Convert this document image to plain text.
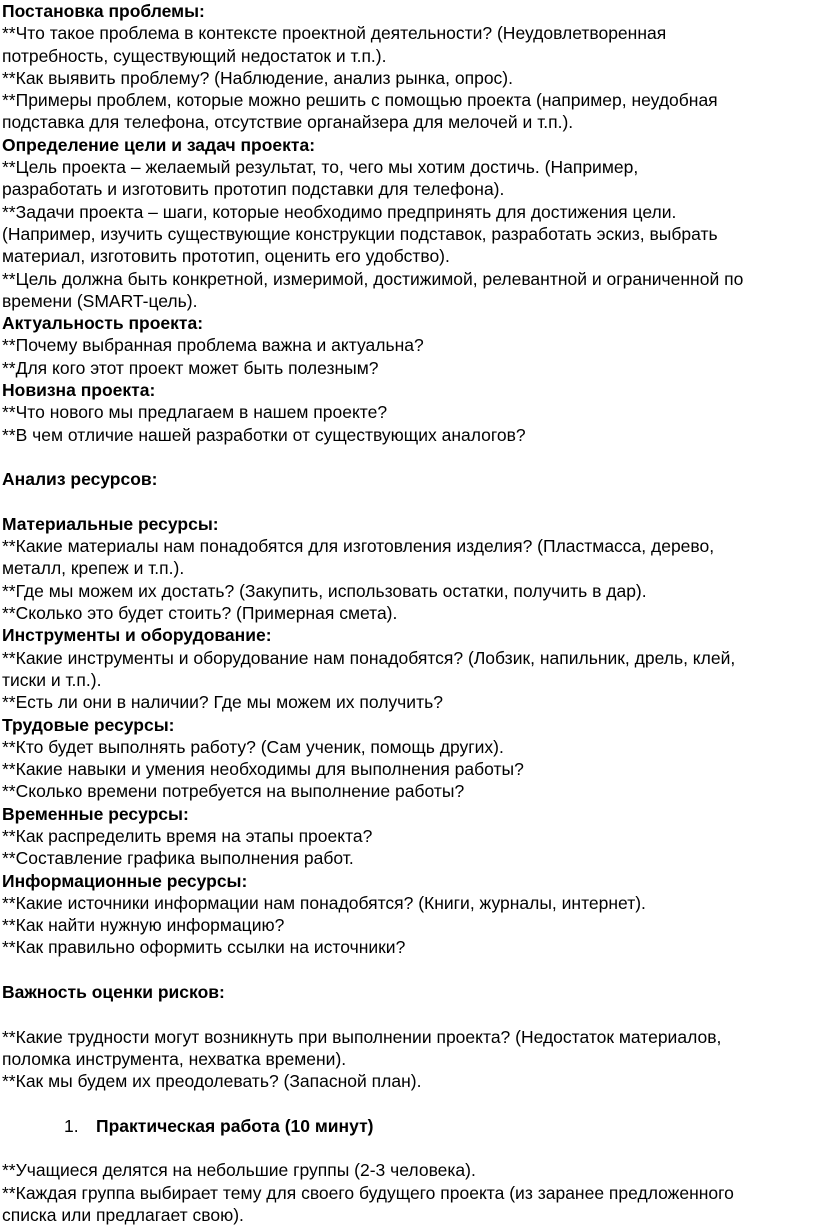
Постановка проблемы:
**Что такое проблема в контексте проектной деятельности? (Неудовлетворенная
потребность, существующий недостаток и т.п.).
**Как выявить проблему? (Наблюдение, анализ рынка, опрос).
**Примеры проблем, которые можно решить с помощью проекта (например, неудобная
подставка для телефона, отсутствие органайзера для мелочей и т.п.).
Определение цели и задач проекта:
**Цель проекта – желаемый результат, то, чего мы хотим достичь. (Например,
разработать и изготовить прототип подставки для телефона).
**Задачи проекта – шаги, которые необходимо предпринять для достижения цели.
(Например, изучить существующие конструкции подставок, разработать эскиз, выбрать
материал, изготовить прототип, оценить его удобство).
**Цель должна быть конкретной, измеримой, достижимой, релевантной и ограниченной по
времени (SMART-цель).
Актуальность проекта:
**Почему выбранная проблема важна и актуальна?
**Для кого этот проект может быть полезным?
Новизна проекта:
**Что нового мы предлагаем в нашем проекте?
**В чем отличие нашей разработки от существующих аналогов?
Анализ ресурсов:
Материальные ресурсы:
**Какие материалы нам понадобятся для изготовления изделия? (Пластмасса, дерево,
металл, крепеж и т.п.).
**Где мы можем их достать? (Закупить, использовать остатки, получить в дар).
**Сколько это будет стоить? (Примерная смета).
Инструменты и оборудование:
**Какие инструменты и оборудование нам понадобятся? (Лобзик, напильник, дрель, клей,
тиски и т.п.).
**Есть ли они в наличии? Где мы можем их получить?
Трудовые ресурсы:
**Кто будет выполнять работу? (Сам ученик, помощь других).
**Какие навыки и умения необходимы для выполнения работы?
**Сколько времени потребуется на выполнение работы?
Временные ресурсы:
**Как распределить время на этапы проекта?
**Составление графика выполнения работ.
Информационные ресурсы:
**Какие источники информации нам понадобятся? (Книги, журналы, интернет).
**Как найти нужную информацию?
**Как правильно оформить ссылки на источники?
Важность оценки рисков:
**Какие трудности могут возникнуть при выполнении проекта? (Недостаток материалов,
поломка инструмента, нехватка времени).
**Как мы будем их преодолевать? (Запасной план).
1. Практическая работа (10 минут)
**Учащиеся делятся на небольшие группы (2-3 человека).
**Каждая группа выбирает тему для своего будущего проекта (из заранее предложенного
списка или предлагает свою).
